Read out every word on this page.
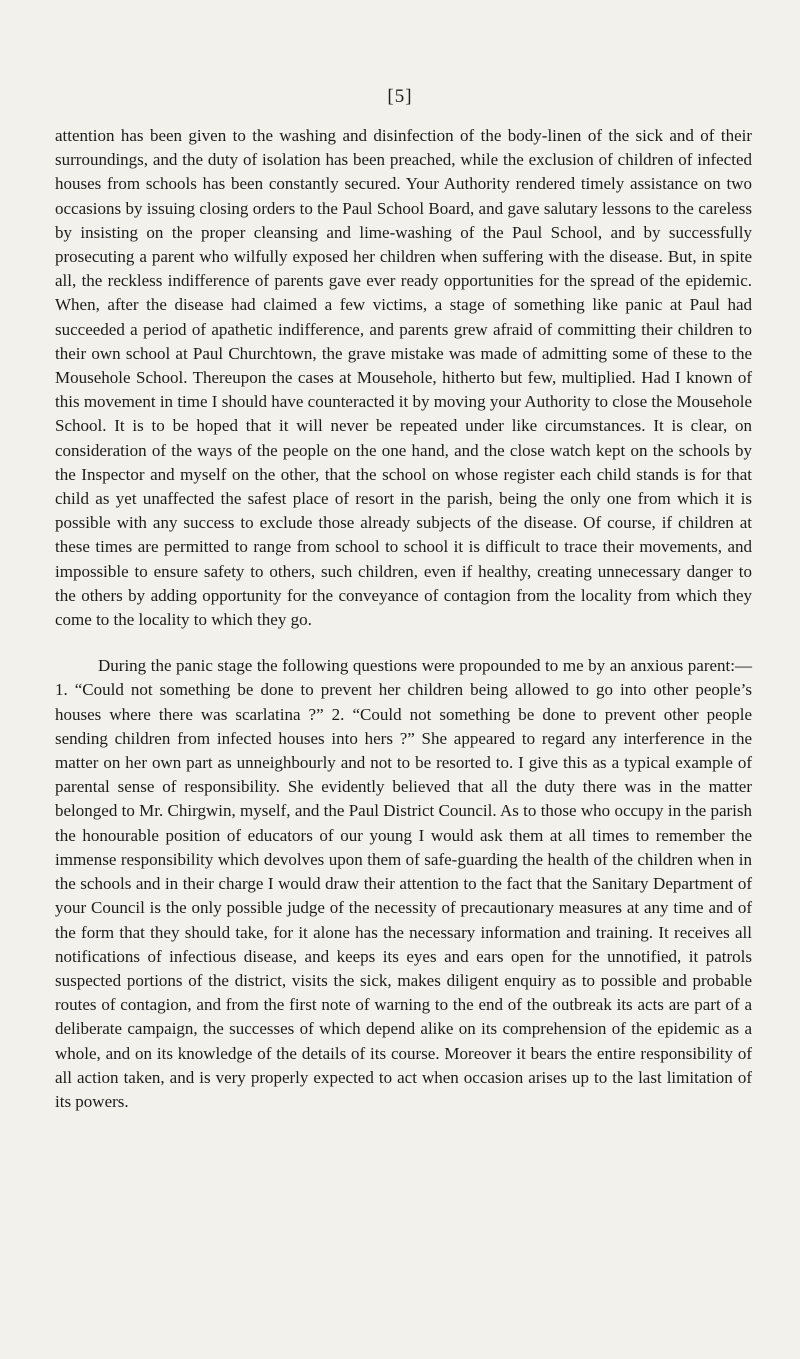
[5]

attention has been given to the washing and disinfection of the body-linen of the sick and of their surroundings, and the duty of isolation has been preached, while the exclusion of children of infected houses from schools has been constantly secured. Your Authority rendered timely assistance on two occasions by issuing closing orders to the Paul School Board, and gave salutary lessons to the careless by insisting on the proper cleansing and lime-washing of the Paul School, and by successfully prosecuting a parent who wilfully exposed her children when suffering with the disease. But, in spite all, the reckless indifference of parents gave ever ready opportunities for the spread of the epidemic. When, after the disease had claimed a few victims, a stage of something like panic at Paul had succeeded a period of apathetic indifference, and parents grew afraid of committing their children to their own school at Paul Churchtown, the grave mistake was made of admitting some of these to the Mousehole School. Thereupon the cases at Mousehole, hitherto but few, multiplied. Had I known of this movement in time I should have counteracted it by moving your Authority to close the Mousehole School. It is to be hoped that it will never be repeated under like circumstances. It is clear, on consideration of the ways of the people on the one hand, and the close watch kept on the schools by the Inspector and myself on the other, that the school on whose register each child stands is for that child as yet unaffected the safest place of resort in the parish, being the only one from which it is possible with any success to exclude those already subjects of the disease. Of course, if children at these times are permitted to range from school to school it is difficult to trace their movements, and impossible to ensure safety to others, such children, even if healthy, creating unnecessary danger to the others by adding opportunity for the conveyance of contagion from the locality from which they come to the locality to which they go.

During the panic stage the following questions were propounded to me by an anxious parent:—1. “Could not something be done to prevent her children being allowed to go into other people’s houses where there was scarlatina ?” 2. “Could not something be done to prevent other people sending children from infected houses into hers ?” She appeared to regard any interference in the matter on her own part as unneighbourly and not to be resorted to. I give this as a typical example of parental sense of responsibility. She evidently believed that all the duty there was in the matter belonged to Mr. Chirgwin, myself, and the Paul District Council. As to those who occupy in the parish the honourable position of educators of our young I would ask them at all times to remember the immense responsibility which devolves upon them of safe-guarding the health of the children when in the schools and in their charge I would draw their attention to the fact that the Sanitary Department of your Council is the only possible judge of the necessity of precautionary measures at any time and of the form that they should take, for it alone has the necessary information and training. It receives all notifications of infectious disease, and keeps its eyes and ears open for the unnotified, it patrols suspected portions of the district, visits the sick, makes diligent enquiry as to possible and probable routes of contagion, and from the first note of warning to the end of the outbreak its acts are part of a deliberate campaign, the successes of which depend alike on its comprehension of the epidemic as a whole, and on its knowledge of the details of its course. Moreover it bears the entire responsibility of all action taken, and is very properly expected to act when occasion arises up to the last limitation of its powers.
